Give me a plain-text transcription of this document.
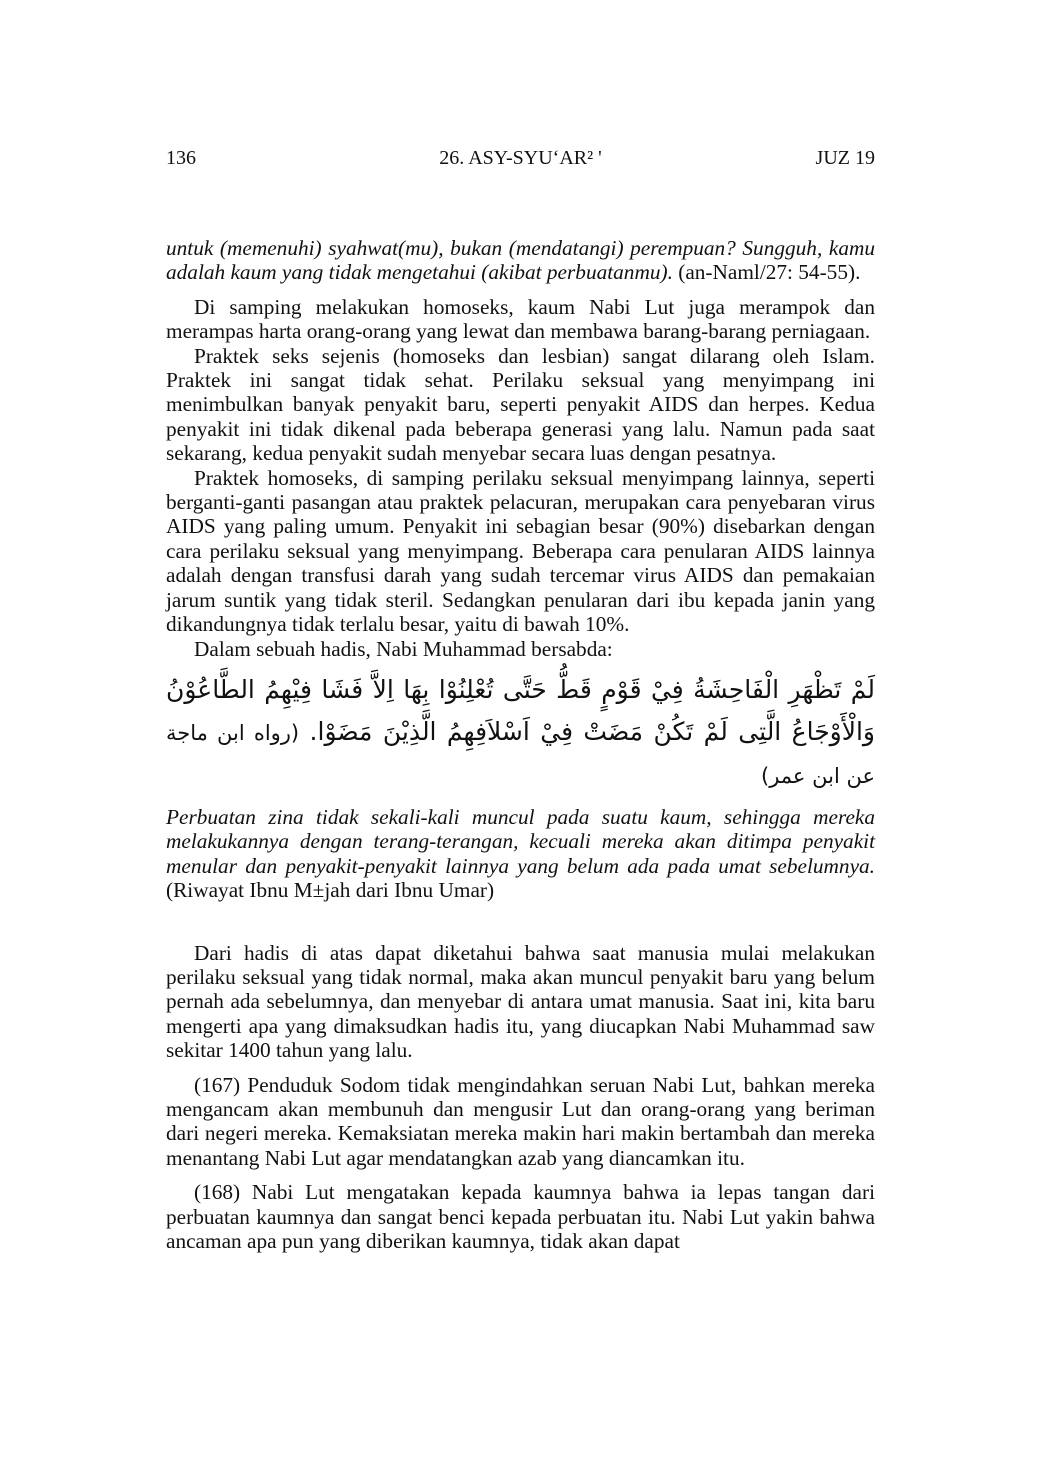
136	26. ASY-SYU‘AR² '	JUZ 19

untuk (memenuhi) syahwat(mu), bukan (mendatangi) perempuan? Sungguh, kamu adalah kaum yang tidak mengetahui (akibat perbuatanmu). (an-Naml/27: 54-55).

Di samping melakukan homoseks, kaum Nabi Lut juga merampok dan merampas harta orang-orang yang lewat dan membawa barang-barang perniagaan.

Praktek seks sejenis (homoseks dan lesbian) sangat dilarang oleh Islam. Praktek ini sangat tidak sehat. Perilaku seksual yang menyimpang ini menimbulkan banyak penyakit baru, seperti penyakit AIDS dan herpes. Kedua penyakit ini tidak dikenal pada beberapa generasi yang lalu. Namun pada saat sekarang, kedua penyakit sudah menyebar secara luas dengan pesatnya.

Praktek homoseks, di samping perilaku seksual menyimpang lainnya, seperti berganti-ganti pasangan atau praktek pelacuran, merupakan cara penyebaran virus AIDS yang paling umum. Penyakit ini sebagian besar (90%) disebarkan dengan cara perilaku seksual yang menyimpang. Beberapa cara penularan AIDS lainnya adalah dengan transfusi darah yang sudah tercemar virus AIDS dan pemakaian jarum suntik yang tidak steril. Sedangkan penularan dari ibu kepada janin yang dikandungnya tidak terlalu besar, yaitu di bawah 10%.

Dalam sebuah hadis, Nabi Muhammad bersabda:

لَمْ تَظْهَرِ الْفَاحِشَةُ فِيْ قَوْمٍ قَطُّ حَتَّى تُعْلِنُوْا بِهَا اِلاَّ فَشَا فِيْهِمُ الطَّاعُوْنُ وَالْأَوْجَاعُ الَّتِى لَمْ تَكُنْ مَضَتْ فِيْ اَسْلاَفِهِمُ الَّذِيْنَ مَضَوْا. (رواه ابن ماجة عن ابن عمر)

Perbuatan zina tidak sekali-kali muncul pada suatu kaum, sehingga mereka melakukannya dengan terang-terangan, kecuali mereka akan ditimpa penyakit menular dan penyakit-penyakit lainnya yang belum ada pada umat sebelumnya. (Riwayat Ibnu M±jah dari Ibnu Umar)

Dari hadis di atas dapat diketahui bahwa saat manusia mulai melakukan perilaku seksual yang tidak normal, maka akan muncul penyakit baru yang belum pernah ada sebelumnya, dan menyebar di antara umat manusia. Saat ini, kita baru mengerti apa yang dimaksudkan hadis itu, yang diucapkan Nabi Muhammad saw sekitar 1400 tahun yang lalu.

(167) Penduduk Sodom tidak mengindahkan seruan Nabi Lut, bahkan mereka mengancam akan membunuh dan mengusir Lut dan orang-orang yang beriman dari negeri mereka. Kemaksiatan mereka makin hari makin bertambah dan mereka menantang Nabi Lut agar mendatangkan azab yang diancamkan itu.

(168) Nabi Lut mengatakan kepada kaumnya bahwa ia lepas tangan dari perbuatan kaumnya dan sangat benci kepada perbuatan itu. Nabi Lut yakin bahwa ancaman apa pun yang diberikan kaumnya, tidak akan dapat
